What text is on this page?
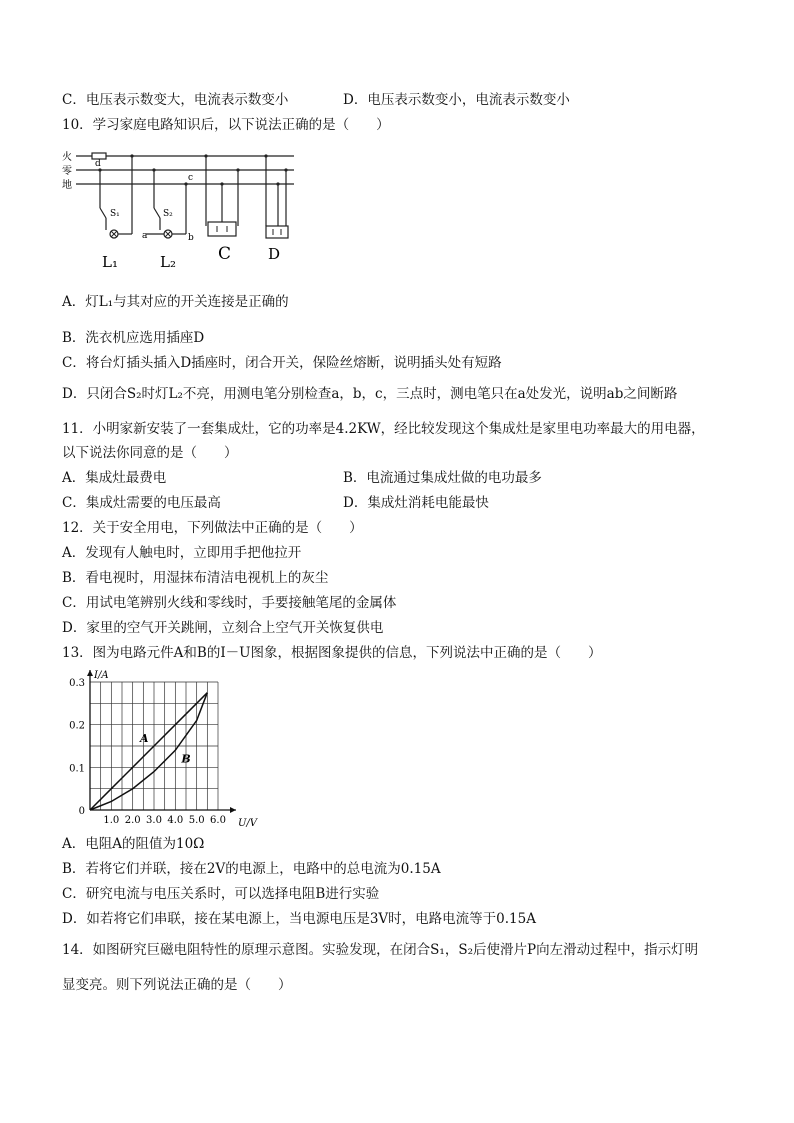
C．电压表示数变大，电流表示数变小	D．电压表示数变小，电流表示数变小
10．学习家庭电路知识后，以下说法正确的是（　　）
火
零
地
d
c
a	b
S₁	S₂
L₁	L₂ C D
A．灯L₁与其对应的开关连接是正确的
B．洗衣机应选用插座D
C．将台灯插头插入D插座时，闭合开关，保险丝熔断，说明插头处有短路
D．只闭合S₂时灯L₂不亮，用测电笔分别检查a，b，c，三点时，测电笔只在a处发光，说明ab之间断路
11．小明家新安装了一套集成灶，它的功率是4.2KW，经比较发现这个集成灶是家里电功率最大的用电器，
以下说法你同意的是（　　）
A．集成灶最费电	B．电流通过集成灶做的电功最多
C．集成灶需要的电压最高	D．集成灶消耗电能最快
12．关于安全用电，下列做法中正确的是（　　）
A．发现有人触电时，立即用手把他拉开
B．看电视时，用湿抹布清洁电视机上的灰尘
C．用试电笔辨别火线和零线时，手要接触笔尾的金属体
D．家里的空气开关跳闸，立刻合上空气开关恢复供电
13．图为电路元件A和B的I－U图象，根据图象提供的信息，下列说法中正确的是（　　）
1.0 2.0 3.0 4.0 5.0 6.0
0.1
0.2
0.3
0
U/V
I/A
A
B
A．电阻A的阻值为10Ω
B．若将它们并联，接在2V的电源上，电路中的总电流为0.15A
C．研究电流与电压关系时，可以选择电阻B进行实验
D．如若将它们串联，接在某电源上，当电源电压是3V时，电路电流等于0.15A
14．如图研究巨磁电阻特性的原理示意图。实验发现，在闭合S₁，S₂后使滑片P向左滑动过程中，指示灯明
显变亮。则下列说法正确的是（　　）
